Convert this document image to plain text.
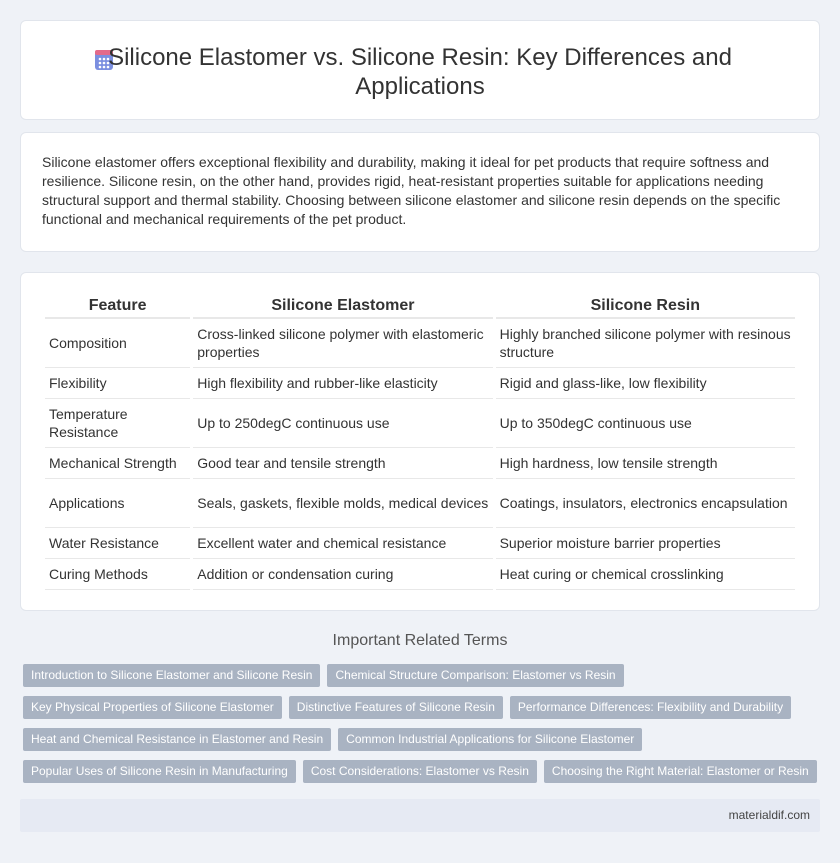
Silicone Elastomer vs. Silicone Resin: Key Differences and Applications

Silicone elastomer offers exceptional flexibility and durability, making it ideal for pet products that require softness and resilience. Silicone resin, on the other hand, provides rigid, heat-resistant properties suitable for applications needing structural support and thermal stability. Choosing between silicone elastomer and silicone resin depends on the specific functional and mechanical requirements of the pet product.

Feature	Silicone Elastomer	Silicone Resin
Composition	Cross-linked silicone polymer with elastomeric properties	Highly branched silicone polymer with resinous structure
Flexibility	High flexibility and rubber-like elasticity	Rigid and glass-like, low flexibility
Temperature Resistance	Up to 250degC continuous use	Up to 350degC continuous use
Mechanical Strength	Good tear and tensile strength	High hardness, low tensile strength
Applications	Seals, gaskets, flexible molds, medical devices	Coatings, insulators, electronics encapsulation
Water Resistance	Excellent water and chemical resistance	Superior moisture barrier properties
Curing Methods	Addition or condensation curing	Heat curing or chemical crosslinking
Important Related Terms
Introduction to Silicone Elastomer and Silicone Resin	Chemical Structure Comparison: Elastomer vs Resin
Key Physical Properties of Silicone Elastomer	Distinctive Features of Silicone Resin	Performance Differences: Flexibility and Durability
Heat and Chemical Resistance in Elastomer and Resin	Common Industrial Applications for Silicone Elastomer
Popular Uses of Silicone Resin in Manufacturing	Cost Considerations: Elastomer vs Resin	Choosing the Right Material: Elastomer or Resin
materialdif.com
